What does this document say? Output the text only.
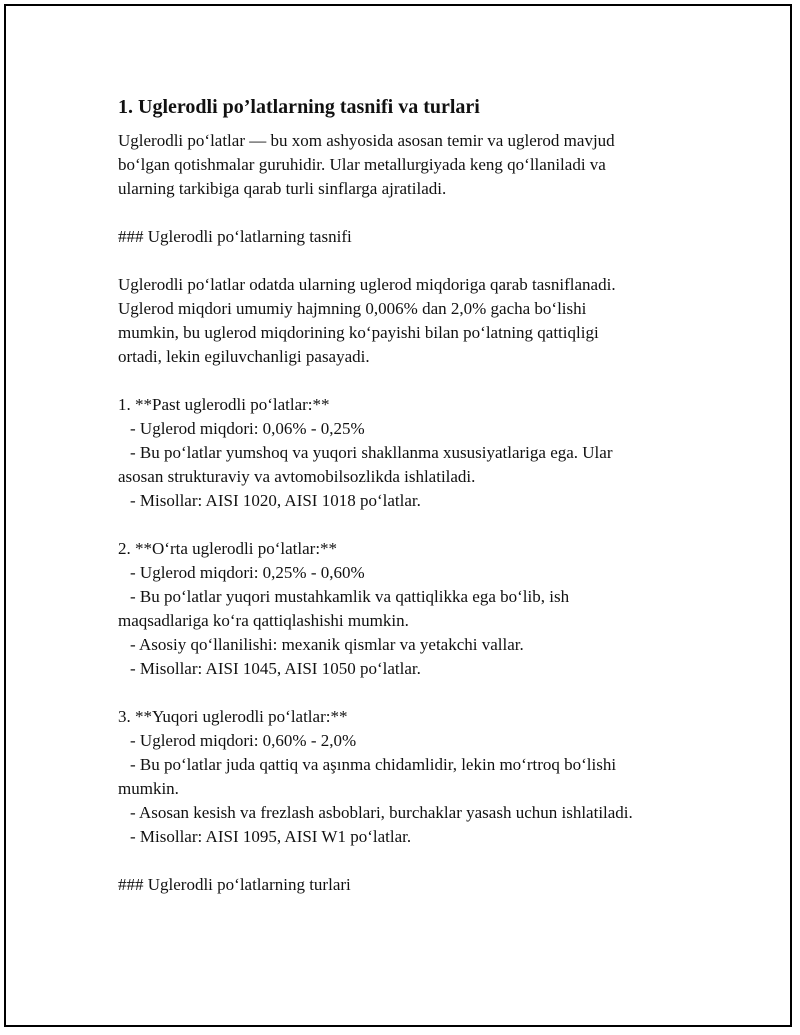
1. Uglerodli po’latlarning tasnifi va turlari
Uglerodli po‘latlar — bu xom ashyosida asosan temir va uglerod mavjud
bo‘lgan qotishmalar guruhidir. Ular metallurgiyada keng qo‘llaniladi va
ularning tarkibiga qarab turli sinflarga ajratiladi.
### Uglerodli po‘latlarning tasnifi
Uglerodli po‘latlar odatda ularning uglerod miqdoriga qarab tasniflanadi.
Uglerod miqdori umumiy hajmning 0,006% dan 2,0% gacha bo‘lishi
mumkin, bu uglerod miqdorining ko‘payishi bilan po‘latning qattiqligi
ortadi, lekin egiluvchanligi pasayadi.
1. **Past uglerodli po‘latlar:**
- Uglerod miqdori: 0,06% - 0,25%
- Bu po‘latlar yumshoq va yuqori shakllanma xususiyatlariga ega. Ular
asosan strukturaviy va avtomobilsozlikda ishlatiladi.
- Misollar: AISI 1020, AISI 1018 po‘latlar.
2. **O‘rta uglerodli po‘latlar:**
- Uglerod miqdori: 0,25% - 0,60%
- Bu po‘latlar yuqori mustahkamlik va qattiqlikka ega bo‘lib, ish
maqsadlariga ko‘ra qattiqlashishi mumkin.
- Asosiy qo‘llanilishi: mexanik qismlar va yetakchi vallar.
- Misollar: AISI 1045, AISI 1050 po‘latlar.
3. **Yuqori uglerodli po‘latlar:**
- Uglerod miqdori: 0,60% - 2,0%
- Bu po‘latlar juda qattiq va aşınma chidamlidir, lekin mo‘rtroq bo‘lishi
mumkin.
- Asosan kesish va frezlash asboblari, burchaklar yasash uchun ishlatiladi.
- Misollar: AISI 1095, AISI W1 po‘latlar.
### Uglerodli po‘latlarning turlari
